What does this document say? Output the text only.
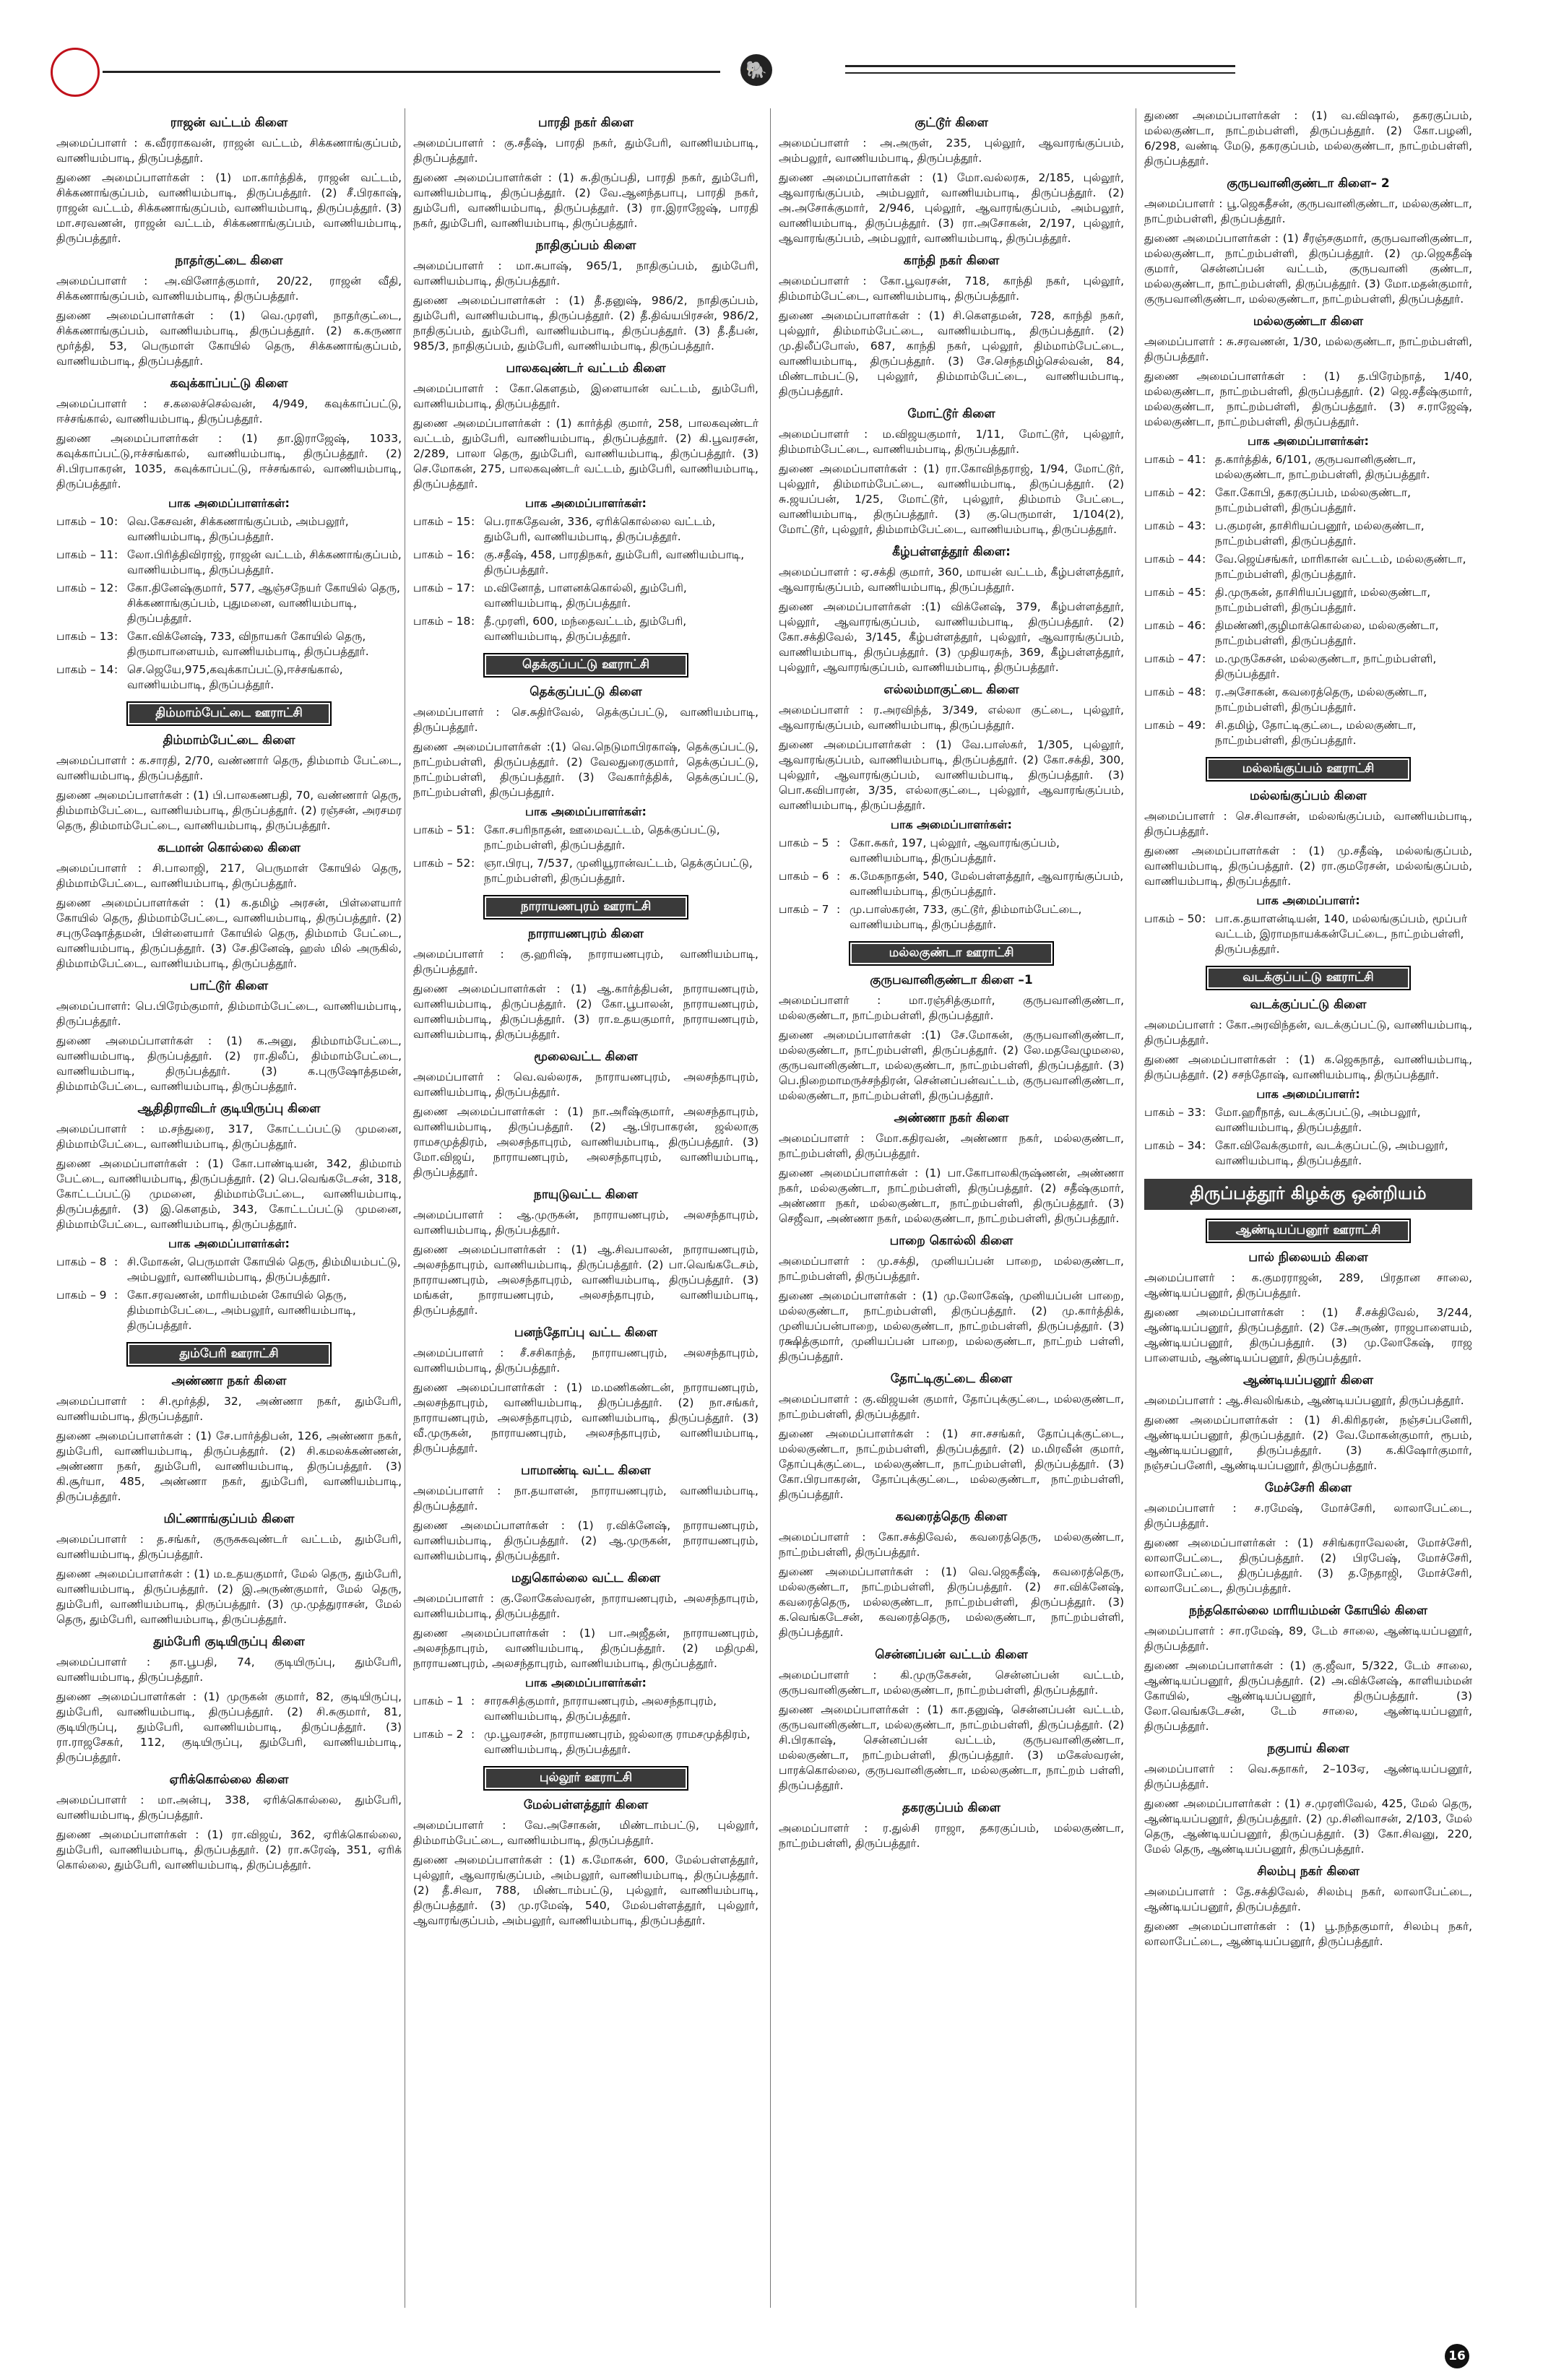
🐘
ராஜன் வட்டம் கிளை

அமைப்பாளர் : க.வீரராகவன், ராஜன் வட்டம், சிக்கணாங்குப்பம், வாணியம்பாடி, திருப்பத்தூர்.

துணை அமைப்பாளர்கள் : (1) மா.கார்த்திக், ராஜன் வட்டம், சிக்கணாங்குப்பம், வாணியம்பாடி, திருப்பத்தூர். (2) சீ.பிரகாஷ், ராஜன் வட்டம், சிக்கணாங்குப்பம், வாணியம்பாடி, திருப்பத்தூர். (3) மா.சரவணன், ராஜன் வட்டம், சிக்கணாங்குப்பம், வாணியம்பாடி, திருப்பத்தூர்.

நாதர்குட்டை கிளை

அமைப்பாளர் : அ.வினோத்குமார், 20/22, ராஜன் வீதி, சிக்கணாங்குப்பம், வாணியம்பாடி, திருப்பத்தூர்.

துணை அமைப்பாளர்கள் : (1) வெ.முரளி, நாதர்குட்டை, சிக்கணாங்குப்பம், வாணியம்பாடி, திருப்பத்தூர். (2) க.கருணா மூர்த்தி, 53, பெருமாள் கோயில் தெரு, சிக்கணாங்குப்பம், வாணியம்பாடி, திருப்பத்தூர்.

கவுக்காப்பட்டு கிளை

அமைப்பாளர் : ச.கலைச்செல்வன், 4/949, கவுக்காப்பட்டு, ஈச்சங்கால், வாணியம்பாடி, திருப்பத்தூர்.

துணை அமைப்பாளர்கள் : (1) தா.இராஜேஷ், 1033, கவுக்காப்பட்டு,ஈச்சங்கால், வாணியம்பாடி, திருப்பத்தூர். (2) சி.பிரபாகரன், 1035, கவுக்காப்பட்டு, ஈச்சங்கால், வாணியம்பாடி, திருப்பத்தூர்.

பாக அமைப்பாளர்கள்:
பாகம் – 10 : வெ.கேசவன், சிக்கணாங்குப்பம், அம்பலூர், வாணியம்பாடி, திருப்பத்தூர்.
பாகம் – 11 : லோ.பிரித்திவிராஜ், ராஜன் வட்டம், சிக்கணாங்குப்பம், வாணியம்பாடி, திருப்பத்தூர்.
பாகம் – 12 : கோ.தினேஷ்குமார், 577, ஆஞ்சநேயர் கோயில் தெரு, சிக்கணாங்குப்பம், புதுமனை, வாணியம்பாடி, திருப்பத்தூர்.
பாகம் – 13 : கோ.விக்னேஷ், 733, விநாயகர் கோயில் தெரு, திருமாபாளையம், வாணியம்பாடி, திருப்பத்தூர்.
பாகம் – 14 : செ.ஜெயே,975,கவுக்காப்பட்டு,ஈச்சங்கால், வாணியம்பாடி, திருப்பத்தூர்.
திம்மாம்பேட்டை ஊராட்சி
திம்மாம்பேட்டை கிளை

அமைப்பாளர் : க.சாரதி, 2/70, வண்ணார் தெரு, திம்மாம் பேட்டை, வாணியம்பாடி, திருப்பத்தூர்.

துணை அமைப்பாளர்கள் : (1) பி.பாலகணபதி, 70, வண்ணார் தெரு, திம்மாம்பேட்டை, வாணியம்பாடி, திருப்பத்தூர். (2) ரஞ்சன், அரசமர தெரு, திம்மாம்பேட்டை, வாணியம்பாடி, திருப்பத்தூர்.

கடமான் கொல்லை கிளை

அமைப்பாளர் : சி.பாலாஜி, 217, பெருமாள் கோயில் தெரு, திம்மாம்பேட்டை, வாணியம்பாடி, திருப்பத்தூர்.

துணை அமைப்பாளர்கள் : (1) க.தமிழ் அரசன், பிள்ளையார் கோயில் தெரு, திம்மாம்பேட்டை, வாணியம்பாடி, திருப்பத்தூர். (2) சபுருஷோத்தமன், பிள்ளையார் கோயில் தெரு, திம்மாம் பேட்டை, வாணியம்பாடி, திருப்பத்தூர். (3) சே.தினேஷ், ஹஸ் மில் அருகில், திம்மாம்பேட்டை, வாணியம்பாடி, திருப்பத்தூர்.

பாட்டூர் கிளை

அமைப்பாளர்: பெ.பிரேம்குமார், திம்மாம்பேட்டை, வாணியம்பாடி, திருப்பத்தூர்.

துணை அமைப்பாளர்கள் : (1) க.அனு, திம்மாம்பேட்டை, வாணியம்பாடி, திருப்பத்தூர். (2) ரா.திலீப், திம்மாம்பேட்டை, வாணியம்பாடி, திருப்பத்தூர். (3) க.புருஷோத்தமன், திம்மாம்பேட்டை, வாணியம்பாடி, திருப்பத்தூர்.

ஆதிதிராவிடர் குடியிருப்பு கிளை

அமைப்பாளர் : ம.சந்துரை, 317, கோட்டப்பட்டு முமனை, திம்மாம்பேட்டை, வாணியம்பாடி, திருப்பத்தூர்.

துணை அமைப்பாளர்கள் : (1) கோ.பாண்டியன், 342, திம்மாம் பேட்டை, வாணியம்பாடி, திருப்பத்தூர். (2) பெ.வெங்கடேசன், 318, கோட்டப்பட்டு முமனை, திம்மாம்பேட்டை, வாணியம்பாடி, திருப்பத்தூர். (3) இ.கௌதம், 343, கோட்டப்பட்டு முமனை, திம்மாம்பேட்டை, வாணியம்பாடி, திருப்பத்தூர்.

பாக அமைப்பாளர்கள்:
பாகம் – 8 : சி.மோகன், பெருமாள் கோயில் தெரு, திம்மியம்பட்டு, அம்பலூர், வாணியம்பாடி, திருப்பத்தூர்.
பாகம் – 9 : கோ.சரவணன், மாரியம்மன் கோயில் தெரு, திம்மாம்பேட்டை, அம்பலூர், வாணியம்பாடி, திருப்பத்தூர்.
தும்பேரி ஊராட்சி
அண்ணா நகர் கிளை

அமைப்பாளர் : சி.மூர்த்தி, 32, அண்ணா நகர், தும்பேரி, வாணியம்பாடி, திருப்பத்தூர்.

துணை அமைப்பாளர்கள் : (1) சே.பார்த்திபன், 126, அண்ணா நகர், தும்பேரி, வாணியம்பாடி, திருப்பத்தூர். (2) சி.கமலக்கண்ணன், அண்ணா நகர், தும்பேரி, வாணியம்பாடி, திருப்பத்தூர். (3) கி.சூர்யா, 485, அண்ணா நகர், தும்பேரி, வாணியம்பாடி, திருப்பத்தூர்.

மிட்ணாங்குப்பம் கிளை

அமைப்பாளர் : த.சங்கர், குருசுகவுண்டர் வட்டம், தும்பேரி, வாணியம்பாடி, திருப்பத்தூர்.

துணை அமைப்பாளர்கள் : (1) ம.உதயகுமார், மேல் தெரு, தும்பேரி, வாணியம்பாடி, திருப்பத்தூர். (2) இ.அருண்குமார், மேல் தெரு, தும்பேரி, வாணியம்பாடி, திருப்பத்தூர். (3) மு.முத்துராசன், மேல் தெரு, தும்பேரி, வாணியம்பாடி, திருப்பத்தூர்.

தும்பேரி குடியிருப்பு கிளை

அமைப்பாளர் : தா.பூபதி, 74, குடியிருப்பு, தும்பேரி, வாணியம்பாடி, திருப்பத்தூர்.

துணை அமைப்பாளர்கள் : (1) முருகன் குமார், 82, குடியிருப்பு, தும்பேரி, வாணியம்பாடி, திருப்பத்தூர். (2) சி.சுகுமார், 81, குடியிருப்பு, தும்பேரி, வாணியம்பாடி, திருப்பத்தூர். (3) ரா.ராஜசேகர், 112, குடியிருப்பு, தும்பேரி, வாணியம்பாடி, திருப்பத்தூர்.

ஏரிக்கொல்லை கிளை

அமைப்பாளர் : மா.அன்பு, 338, ஏரிக்கொல்லை, தும்பேரி, வாணியம்பாடி, திருப்பத்தூர்.

துணை அமைப்பாளர்கள் : (1) ரா.விஜய், 362, ஏரிக்கொல்லை, தும்பேரி, வாணியம்பாடி, திருப்பத்தூர். (2) ரா.சுரேஷ், 351, ஏரிக் கொல்லை, தும்பேரி, வாணியம்பாடி, திருப்பத்தூர்.

பாரதி நகர் கிளை

அமைப்பாளர் : கு.சதீஷ், பாரதி நகர், தும்பேரி, வாணியம்பாடி, திருப்பத்தூர்.

துணை அமைப்பாளர்கள் : (1) சு.திருப்பதி, பாரதி நகர், தும்பேரி, வாணியம்பாடி, திருப்பத்தூர். (2) வே.ஆனந்தபாபு, பாரதி நகர், தும்பேரி, வாணியம்பாடி, திருப்பத்தூர். (3) ரா.இராஜேஷ், பாரதி நகர், தும்பேரி, வாணியம்பாடி, திருப்பத்தூர்.

நாதிகுப்பம் கிளை

அமைப்பாளர் : மா.சுபாஷ், 965/1, நாதிகுப்பம், தும்பேரி, வாணியம்பாடி, திருப்பத்தூர்.

துணை அமைப்பாளர்கள் : (1) தீ.தனுஷ், 986/2, நாதிகுப்பம், தும்பேரி, வாணியம்பாடி, திருப்பத்தூர். (2) தீ.திவ்யபிரசன், 986/2, நாதிகுப்பம், தும்பேரி, வாணியம்பாடி, திருப்பத்தூர். (3) தீ.தீபன், 985/3, நாதிகுப்பம், தும்பேரி, வாணியம்பாடி, திருப்பத்தூர்.

பாலகவுண்டர் வட்டம் கிளை

அமைப்பாளர் : கோ.கௌதம், இளையான் வட்டம், தும்பேரி, வாணியம்பாடி, திருப்பத்தூர்.

துணை அமைப்பாளர்கள் : (1) கார்த்தி குமார், 258, பாலகவுண்டர் வட்டம், தும்பேரி, வாணியம்பாடி, திருப்பத்தூர். (2) கி.பூவரசன், 2/289, பாலா தெரு, தும்பேரி, வாணியம்பாடி, திருப்பத்தூர். (3) செ.மோகன், 275, பாலகவுண்டர் வட்டம், தும்பேரி, வாணியம்பாடி, திருப்பத்தூர்.

பாக அமைப்பாளர்கள்:
பாகம் – 15 : பெ.ராகதேவன், 336, ஏரிக்கொல்லை வட்டம், தும்பேரி, வாணியம்பாடி, திருப்பத்தூர்.
பாகம் – 16 : கு.சதீஷ், 458, பாரதிநகர், தும்பேரி, வாணியம்பாடி, திருப்பத்தூர்.
பாகம் – 17 : ம.வினோத், பாளனக்கொல்லி, தும்பேரி, வாணியம்பாடி, திருப்பத்தூர்.
பாகம் – 18 : தீ.முரளி, 600, மந்தைவட்டம், தும்பேரி, வாணியம்பாடி, திருப்பத்தூர்.
தெக்குப்பட்டு ஊராட்சி
தெக்குப்பட்டு கிளை

அமைப்பாளர் : செ.சுதிர்வேல், தெக்குப்பட்டு, வாணியம்பாடி, திருப்பத்தூர்.

துணை அமைப்பாளர்கள் :(1) வெ.நெடுமாபிரகாஷ், தெக்குப்பட்டு, நாட்றம்பள்ளி, திருப்பத்தூர். (2) வேலதுரைகுமார், தெக்குப்பட்டு, நாட்றம்பள்ளி, திருப்பத்தூர். (3) வேகார்த்திக், தெக்குப்பட்டு, நாட்றம்பள்ளி, திருப்பத்தூர்.

பாக அமைப்பாளர்கள்:
பாகம் – 51 : கோ.சபரிநாதன், ஊமைவட்டம், தெக்குப்பட்டு, நாட்றம்பள்ளி, திருப்பத்தூர்.
பாகம் – 52 : ஞா.பிரபு, 7/537, முனியூரான்வட்டம், தெக்குப்பட்டு, நாட்றம்பள்ளி, திருப்பத்தூர்.
நாராயணபுரம் ஊராட்சி
நாராயணபுரம் கிளை

அமைப்பாளர் : கு.ஹரிஷ், நாராயணபுரம், வாணியம்பாடி, திருப்பத்தூர்.

துணை அமைப்பாளர்கள் : (1) ஆ.கார்த்திபன், நாராயணபுரம், வாணியம்பாடி, திருப்பத்தூர். (2) கோ.பூபாலன், நாராயணபுரம், வாணியம்பாடி, திருப்பத்தூர். (3) ரா.உதயகுமார், நாராயணபுரம், வாணியம்பாடி, திருப்பத்தூர்.

மூலைவட்ட கிளை

அமைப்பாளர் : வெ.வல்லரசு, நாராயணபுரம், அலசந்தாபுரம், வாணியம்பாடி, திருப்பத்தூர்.

துணை அமைப்பாளர்கள் : (1) நா.அரீஷ்குமார், அலசந்தாபுரம், வாணியம்பாடி, திருப்பத்தூர். (2) ஆ.பிரபாகரன், ஜல்லாகு ராமசமுத்திரம், அலசந்தாபுரம், வாணியம்பாடி, திருப்பத்தூர். (3) மோ.விஜய், நாராயணபுரம், அலசந்தாபுரம், வாணியம்பாடி, திருப்பத்தூர்.

நாயுடுவட்ட கிளை

அமைப்பாளர் : ஆ.முருகன், நாராயணபுரம், அலசந்தாபுரம், வாணியம்பாடி, திருப்பத்தூர்.

துணை அமைப்பாளர்கள் : (1) ஆ.சிவபாலன், நாராயணபுரம், அலசந்தாபுரம், வாணியம்பாடி, திருப்பத்தூர். (2) பா.வெங்கடேசம், நாராயணபுரம், அலசந்தாபுரம், வாணியம்பாடி, திருப்பத்தூர். (3) மங்கள், நாராயணபுரம், அலசந்தாபுரம், வாணியம்பாடி, திருப்பத்தூர்.

பனந்தோப்பு வட்ட கிளை

அமைப்பாளர் : சீ.சசிகாந்த், நாராயணபுரம், அலசந்தாபுரம், வாணியம்பாடி, திருப்பத்தூர்.

துணை அமைப்பாளர்கள் : (1) ம.மணிகண்டன், நாராயணபுரம், அலசந்தாபுரம், வாணியம்பாடி, திருப்பத்தூர். (2) நா.சங்கர், நாராயணபுரம், அலசந்தாபுரம், வாணியம்பாடி, திருப்பத்தூர். (3) வீ.முருகன், நாராயணபுரம், அலசந்தாபுரம், வாணியம்பாடி, திருப்பத்தூர்.

பாமாண்டி வட்ட கிளை

அமைப்பாளர் : நா.தயாளன், நாராயணபுரம், வாணியம்பாடி, திருப்பத்தூர்.

துணை அமைப்பாளர்கள் : (1) ர.விக்னேஷ், நாராயணபுரம், வாணியம்பாடி, திருப்பத்தூர். (2) ஆ.முருகன், நாராயணபுரம், வாணியம்பாடி, திருப்பத்தூர்.

மதுகொல்லை வட்ட கிளை

அமைப்பாளர் : கு.லோகேஸ்வரன், நாராயணபுரம், அலசந்தாபுரம், வாணியம்பாடி, திருப்பத்தூர்.

துணை அமைப்பாளர்கள் : (1) பா.அஜீதன், நாராயணபுரம், அலசந்தாபுரம், வாணியம்பாடி, திருப்பத்தூர். (2) மதிமுகி, நாராயணபுரம், அலசந்தாபுரம், வாணியம்பாடி, திருப்பத்தூர்.

பாக அமைப்பாளர்கள்:
பாகம் – 1 : சாரசுசித்குமார், நாராயணபுரம், அலசந்தாபுரம், வாணியம்பாடி, திருப்பத்தூர்.
பாகம் – 2 : மு.பூவரசன், நாராயணபுரம், ஜல்லாகு ராமசமுத்திரம், வாணியம்பாடி, திருப்பத்தூர்.
புல்லூர் ஊராட்சி
மேல்பள்ளத்தூர் கிளை

அமைப்பாளர் : வே.அசோகன், மிண்டாம்பட்டு, புல்லூர், திம்மாம்பேட்டை, வாணியம்பாடி, திருப்பத்தூர்.

துணை அமைப்பாளர்கள் : (1) க.மோகன், 600, மேல்பள்ளத்தூர், புல்லூர், ஆவாரங்குப்பம், அம்பலூர், வாணியம்பாடி, திருப்பத்தூர். (2) தீ.சிவா, 788, மிண்டாம்பட்டு, புல்லூர், வாணியம்பாடி, திருப்பத்தூர். (3) மு.ரமேஷ், 540, மேல்பள்ளத்தூர், புல்லூர், ஆவாரங்குப்பம், அம்பலூர், வாணியம்பாடி, திருப்பத்தூர்.

குட்டூர் கிளை

அமைப்பாளர் : அ.அருள், 235, புல்லூர், ஆவாரங்குப்பம், அம்பலூர், வாணியம்பாடி, திருப்பத்தூர்.

துணை அமைப்பாளர்கள் : (1) மோ.வல்லரசு, 2/185, புல்லூர், ஆவாரங்குப்பம், அம்பலூர், வாணியம்பாடி, திருப்பத்தூர். (2) அ.அசோக்குமார், 2/946, புல்லூர், ஆவாரங்குப்பம், அம்பலூர், வாணியம்பாடி, திருப்பத்தூர். (3) ரா.அசோகன், 2/197, புல்லூர், ஆவாரங்குப்பம், அம்பலூர், வாணியம்பாடி, திருப்பத்தூர்.

காந்தி நகர் கிளை

அமைப்பாளர் : கோ.பூவரசன், 718, காந்தி நகர், புல்லூர், திம்மாம்பேட்டை, வாணியம்பாடி, திருப்பத்தூர்.

துணை அமைப்பாளர்கள் : (1) சி.கௌதமன், 728, காந்தி நகர், புல்லூர், திம்மாம்பேட்டை, வாணியம்பாடி, திருப்பத்தூர். (2) மு.திலீப்போஸ், 687, காந்தி நகர், புல்லூர், திம்மாம்பேட்டை, வாணியம்பாடி, திருப்பத்தூர். (3) சே.செந்தமிழ்செல்வன், 84, மிண்டாம்பட்டு, புல்லூர், திம்மாம்பேட்டை, வாணியம்பாடி, திருப்பத்தூர்.

மோட்டூர் கிளை

அமைப்பாளர் : ம.விஜயகுமார், 1/11, மோட்டூர், புல்லூர், திம்மாம்பேட்டை, வாணியம்பாடி, திருப்பத்தூர்.

துணை அமைப்பாளர்கள் : (1) ரா.கோவிந்தராஜ், 1/94, மோட்டூர், புல்லூர், திம்மாம்பேட்டை, வாணியம்பாடி, திருப்பத்தூர். (2) சு.ஜயப்பன், 1/25, மோட்டூர், புல்லூர், திம்மாம் பேட்டை, வாணியம்பாடி, திருப்பத்தூர். (3) கு.பெருமாள், 1/104(2), மோட்டூர், புல்லூர், திம்மாம்பேட்டை, வாணியம்பாடி, திருப்பத்தூர்.

கீழ்பள்ளத்தூர் கிளை:

அமைப்பாளர் : ஏ.சக்தி குமார், 360, மாயன் வட்டம், கீழ்பள்ளத்தூர், ஆவாரங்குப்பம், வாணியம்பாடி, திருப்பத்தூர்.

துணை அமைப்பாளர்கள் :(1) விக்னேஷ், 379, கீழ்பள்ளத்தூர், புல்லூர், ஆவாரங்குப்பம், வாணியம்பாடி, திருப்பத்தூர். (2) கோ.சக்திவேல், 3/145, கீழ்பள்ளத்தூர், புல்லூர், ஆவாரங்குப்பம், வாணியம்பாடி, திருப்பத்தூர். (3) முதியரசுந், 369, கீழ்பள்ளத்தூர், புல்லூர், ஆவாரங்குப்பம், வாணியம்பாடி, திருப்பத்தூர்.

எல்லம்மாகுட்டை கிளை

அமைப்பாளர் : ர.அரவிந்த், 3/349, எல்லா குட்டை, புல்லூர், ஆவாரங்குப்பம், வாணியம்பாடி, திருப்பத்தூர்.

துணை அமைப்பாளர்கள் : (1) வே.பாஸ்கர், 1/305, புல்லூர், ஆவாரங்குப்பம், வாணியம்பாடி, திருப்பத்தூர். (2) கோ.சக்தி, 300, புல்லூர், ஆவாரங்குப்பம், வாணியம்பாடி, திருப்பத்தூர். (3) பொ.கவிபாரன், 3/35, எல்லாகுட்டை, புல்லூர், ஆவாரங்குப்பம், வாணியம்பாடி, திருப்பத்தூர்.

பாக அமைப்பாளர்கள்:
பாகம் – 5 : கோ.சுகர், 197, புல்லூர், ஆவாரங்குப்பம், வாணியம்பாடி, திருப்பத்தூர்.
பாகம் – 6 : க.மேகநாதன், 540, மேல்பள்ளத்தூர், ஆவாரங்குப்பம், வாணியம்பாடி, திருப்பத்தூர்.
பாகம் – 7 : மு.பாஸ்கரன், 733, குட்டூர், திம்மாம்பேட்டை, வாணியம்பாடி, திருப்பத்தூர்.
மல்லகுண்டா ஊராட்சி
குருபவானிகுண்டா கிளை –1

அமைப்பாளர் : மா.ரஞ்சித்குமார், குருபவானிகுண்டா, மல்லகுண்டா, நாட்றம்பள்ளி, திருப்பத்தூர்.

துணை அமைப்பாளர்கள் :(1) சே.மோகன், குருபவானிகுண்டா, மல்லகுண்டா, நாட்றம்பள்ளி, திருப்பத்தூர். (2) லே.மதவேழுமலை, குருபவானிகுண்டா, மல்லகுண்டா, நாட்றம்பள்ளி, திருப்பத்தூர். (3) பெ.நிறைமாமருச்சந்திரன், சென்னப்பன்வட்டம், குருபவானிகுண்டா, மல்லகுண்டா, நாட்றம்பள்ளி, திருப்பத்தூர்.

அண்ணா நகர் கிளை

அமைப்பாளர் : மோ.கதிரவன், அண்ணா நகர், மல்லகுண்டா, நாட்றம்பள்ளி, திருப்பத்தூர்.

துணை அமைப்பாளர்கள் : (1) பா.கோபாலகிருஷ்ணன், அண்ணா நகர், மல்லகுண்டா, நாட்றம்பள்ளி, திருப்பத்தூர். (2) சதீஷ்குமார், அண்ணா நகர், மல்லகுண்டா, நாட்றம்பள்ளி, திருப்பத்தூர். (3) செஜீவா, அண்ணா நகர், மல்லகுண்டா, நாட்றம்பள்ளி, திருப்பத்தூர்.

பாறை கொல்லி கிளை

அமைப்பாளர் : மு.சக்தி, முனியப்பன் பாறை, மல்லகுண்டா, நாட்றம்பள்ளி, திருப்பத்தூர்.

துணை அமைப்பாளர்கள் : (1) மு.லோகேஷ், முனியப்பன் பாறை, மல்லகுண்டா, நாட்றம்பள்ளி, திருப்பத்தூர். (2) மு.கார்த்திக், முனியப்பன்பாறை, மல்லகுண்டா, நாட்றம்பள்ளி, திருப்பத்தூர். (3) ரக்ஷித்குமார், முனியப்பன் பாறை, மல்லகுண்டா, நாட்றம் பள்ளி, திருப்பத்தூர்.

தோட்டிகுட்டை கிளை

அமைப்பாளர் : கு.விஜயன் குமார், தோப்புக்குட்டை, மல்லகுண்டா, நாட்றம்பள்ளி, திருப்பத்தூர்.

துணை அமைப்பாளர்கள் : (1) சா.சசங்கர், தோப்புக்குட்டை, மல்லகுண்டா, நாட்றம்பள்ளி, திருப்பத்தூர். (2) ம.மிரவீன் குமார், தோப்புக்குட்டை, மல்லகுண்டா, நாட்றம்பள்ளி, திருப்பத்தூர். (3) கோ.பிரபாகரன், தோப்புக்குட்டை, மல்லகுண்டா, நாட்றம்பள்ளி, திருப்பத்தூர்.

கவரைத்தெரு கிளை

அமைப்பாளர் : கோ.சக்திவேல், கவரைத்தெரு, மல்லகுண்டா, நாட்றம்பள்ளி, திருப்பத்தூர்.

துணை அமைப்பாளர்கள் : (1) வெ.ஜெகதீஷ், கவரைத்தெரு, மல்லகுண்டா, நாட்றம்பள்ளி, திருப்பத்தூர். (2) சா.விக்னேஷ், கவரைத்தெரு, மல்லகுண்டா, நாட்றம்பள்ளி, திருப்பத்தூர். (3) க.வெங்கடேசன், கவரைத்தெரு, மல்லகுண்டா, நாட்றம்பள்ளி, திருப்பத்தூர்.

சென்னப்பன் வட்டம் கிளை

அமைப்பாளர் : கி.முருகேசன், சென்னப்பன் வட்டம், குருபவானிகுண்டா, மல்லகுண்டா, நாட்றம்பள்ளி, திருப்பத்தூர்.

துணை அமைப்பாளர்கள் : (1) கா.தனுஷ், சென்னப்பன் வட்டம், குருபவானிகுண்டா, மல்லகுண்டா, நாட்றம்பள்ளி, திருப்பத்தூர். (2) சி.பிரகாஷ், சென்னப்பன் வட்டம், குருபவானிகுண்டா, மல்லகுண்டா, நாட்றம்பள்ளி, திருப்பத்தூர். (3) மகேஸ்வரன், பாரக்கொல்லை, குருபவானிகுண்டா, மல்லகுண்டா, நாட்றம் பள்ளி, திருப்பத்தூர்.

தகரகுப்பம் கிளை

அமைப்பாளர் : ர.துல்சி ராஜா, தகரகுப்பம், மல்லகுண்டா, நாட்றம்பள்ளி, திருப்பத்தூர்.

துணை அமைப்பாளர்கள் : (1) வ.விஷால், தகரகுப்பம், மல்லகுண்டா, நாட்றம்பள்ளி, திருப்பத்தூர். (2) கோ.பழனி, 6/298, வண்டி மேடு, தகரகுப்பம், மல்லகுண்டா, நாட்றம்பள்ளி, திருப்பத்தூர்.

குருபவானிகுண்டா கிளை– 2

அமைப்பாளர் : பூ.ஜெகதீசன், குருபவானிகுண்டா, மல்லகுண்டா, நாட்றம்பள்ளி, திருப்பத்தூர்.

துணை அமைப்பாளர்கள் : (1) சீரஞ்சகுமார், குருபவானிகுண்டா, மல்லகுண்டா, நாட்றம்பள்ளி, திருப்பத்தூர். (2) மு.ஜெகதீஷ் குமார், சென்னப்பன் வட்டம், குருபவானி குண்டா, மல்லகுண்டா, நாட்றம்பள்ளி, திருப்பத்தூர். (3) மோ.மதன்குமார், குருபவானிகுண்டா, மல்லகுண்டா, நாட்றம்பள்ளி, திருப்பத்தூர்.

மல்லகுண்டா கிளை

அமைப்பாளர் : சு.சரவணன், 1/30, மல்லகுண்டா, நாட்றம்பள்ளி, திருப்பத்தூர்.

துணை அமைப்பாளர்கள் : (1) த.பிரேம்நாத், 1/40, மல்லகுண்டா, நாட்றம்பள்ளி, திருப்பத்தூர். (2) ஜெ.சதீஷ்குமார், மல்லகுண்டா, நாட்றம்பள்ளி, திருப்பத்தூர். (3) ச.ராஜேஷ், மல்லகுண்டா, நாட்றம்பள்ளி, திருப்பத்தூர்.

பாக அமைப்பாளர்கள்:
பாகம் – 41 : த.கார்த்திக், 6/101, குருபவானிகுண்டா, மல்லகுண்டா, நாட்றம்பள்ளி, திருப்பத்தூர்.
பாகம் – 42 : கோ.கோபி, தகரகுப்பம், மல்லகுண்டா, நாட்றம்பள்ளி, திருப்பத்தூர்.
பாகம் – 43 : ப.குமரன், தாசிரியப்பனூர், மல்லகுண்டா, நாட்றம்பள்ளி, திருப்பத்தூர்.
பாகம் – 44 : வே.ஜெய்சங்கர், மாரிகான் வட்டம், மல்லகுண்டா, நாட்றம்பள்ளி, திருப்பத்தூர்.
பாகம் – 45 : தி.முருகன், தாசிரியப்பனூர், மல்லகுண்டா, நாட்றம்பள்ளி, திருப்பத்தூர்.
பாகம் – 46 : திமண்ணி,குழிமாக்கொல்லை, மல்லகுண்டா, நாட்றம்பள்ளி, திருப்பத்தூர்.
பாகம் – 47 : ம.முருகேசன், மல்லகுண்டா, நாட்றம்பள்ளி, திருப்பத்தூர்.
பாகம் – 48 : ர.அசோகன், கவரைத்தெரு, மல்லகுண்டா, நாட்றம்பள்ளி, திருப்பத்தூர்.
பாகம் – 49 : சி.தமிழ், தோட்டிகுட்டை, மல்லகுண்டா, நாட்றம்பள்ளி, திருப்பத்தூர்.
மல்லங்குப்பம் ஊராட்சி
மல்லங்குப்பம் கிளை

அமைப்பாளர் : செ.சிவாசன், மல்லங்குப்பம், வாணியம்பாடி, திருப்பத்தூர்.

துணை அமைப்பாளர்கள் : (1) மு.சதீஷ், மல்லங்குப்பம், வாணியம்பாடி, திருப்பத்தூர். (2) ரா.குமரேசன், மல்லங்குப்பம், வாணியம்பாடி, திருப்பத்தூர்.

பாக அமைப்பாளர்:
பாகம் – 50 : பா.க.தயாளன்டியன், 140, மல்லங்குப்பம், மூப்பர் வட்டம், இராமநாயக்கன்பேட்டை, நாட்றம்பள்ளி, திருப்பத்தூர்.
வடக்குப்பட்டு ஊராட்சி
வடக்குப்பட்டு கிளை

அமைப்பாளர் : கோ.அரவிந்தன், வடக்குப்பட்டு, வாணியம்பாடி, திருப்பத்தூர்.

துணை அமைப்பாளர்கள் : (1) க.ஜெகநாத், வாணியம்பாடி, திருப்பத்தூர். (2) சசந்தோஷ், வாணியம்பாடி, திருப்பத்தூர்.

பாக அமைப்பாளர்:
பாகம் – 33 : மோ.ஹரீநாத், வடக்குப்பட்டு, அம்பலூர், வாணியம்பாடி, திருப்பத்தூர்.
பாகம் – 34 : கோ.விவேக்குமார், வடக்குப்பட்டு, அம்பலூர், வாணியம்பாடி, திருப்பத்தூர்.
திருப்பத்தூர் கிழக்கு ஒன்றியம்
ஆண்டியப்பனூர் ஊராட்சி
பால் நிலையம் கிளை

அமைப்பாளர் : க.குமரராஜன், 289, பிரதான சாலை, ஆண்டியப்பனூர், திருப்பத்தூர்.

துணை அமைப்பாளர்கள் : (1) சீ.சக்திவேல், 3/244, ஆண்டியப்பனூர், திருப்பத்தூர். (2) சே.அருண், ராஜபாளையம், ஆண்டியப்பனூர், திருப்பத்தூர். (3) மு.லோகேஷ், ராஜ பாளையம், ஆண்டியப்பனூர், திருப்பத்தூர்.

ஆண்டியப்பனூர் கிளை

அமைப்பாளர் : ஆ.சிவலிங்கம், ஆண்டியப்பனூர், திருப்பத்தூர்.

துணை அமைப்பாளர்கள் : (1) சி.கிரிதரன், நஞ்சப்பனேரி, ஆண்டியப்பனூர், திருப்பத்தூர். (2) வே.மோகன்குமார், ரூபம், ஆண்டியப்பனூர், திருப்பத்தூர். (3) க.கிஷோர்குமார், நஞ்சப்பனேரி, ஆண்டியப்பனூர், திருப்பத்தூர்.

மேச்சேரி கிளை

அமைப்பாளர் : ச.ரமேஷ், மோச்சேரி, லாலாபேட்டை, திருப்பத்தூர்.

துணை அமைப்பாளர்கள் : (1) சசிங்கராவேலன், மோச்சேரி, லாலாபேட்டை, திருப்பத்தூர். (2) பிரபேஷ், மோச்சேரி, லாலாபேட்டை, திருப்பத்தூர். (3) த.நேதாஜி, மோச்சேரி, லாலாபேட்டை, திருப்பத்தூர்.

நந்தகொல்லை மாரியம்மன் கோயில் கிளை

அமைப்பாளர் : சா.ரமேஷ், 89, டேம் சாலை, ஆண்டியப்பனூர், திருப்பத்தூர்.

துணை அமைப்பாளர்கள் : (1) கு.ஜீவா, 5/322, டேம் சாலை, ஆண்டியப்பனூர், திருப்பத்தூர். (2) அ.விக்னேஷ், காளியம்மன் கோயில், ஆண்டியப்பனூர், திருப்பத்தூர். (3) லோ.வெங்கடேசன், டேம் சாலை, ஆண்டியப்பனூர், திருப்பத்தூர்.

நகுபாய் கிளை

அமைப்பாளர் : வெ.சுதாகர், 2–103ஏ, ஆண்டியப்பனூர், திருப்பத்தூர்.

துணை அமைப்பாளர்கள் : (1) ச.முரளிவேல், 425, மேல் தெரு, ஆண்டியப்பனூர், திருப்பத்தூர். (2) மு.சினிவாசன், 2/103, மேல் தெரு, ஆண்டியப்பனூர், திருப்பத்தூர். (3) கோ.சிவனு, 220, மேல் தெரு, ஆண்டியப்பனூர், திருப்பத்தூர்.

சிலம்பு நகர் கிளை

அமைப்பாளர் : தே.சக்திவேல், சிலம்பு நகர், லாலாபேட்டை, ஆண்டியப்பனூர், திருப்பத்தூர்.

துணை அமைப்பாளர்கள் : (1) பூ.நந்தகுமார், சிலம்பு நகர், லாலாபேட்டை, ஆண்டியப்பனூர், திருப்பத்தூர்.

16
